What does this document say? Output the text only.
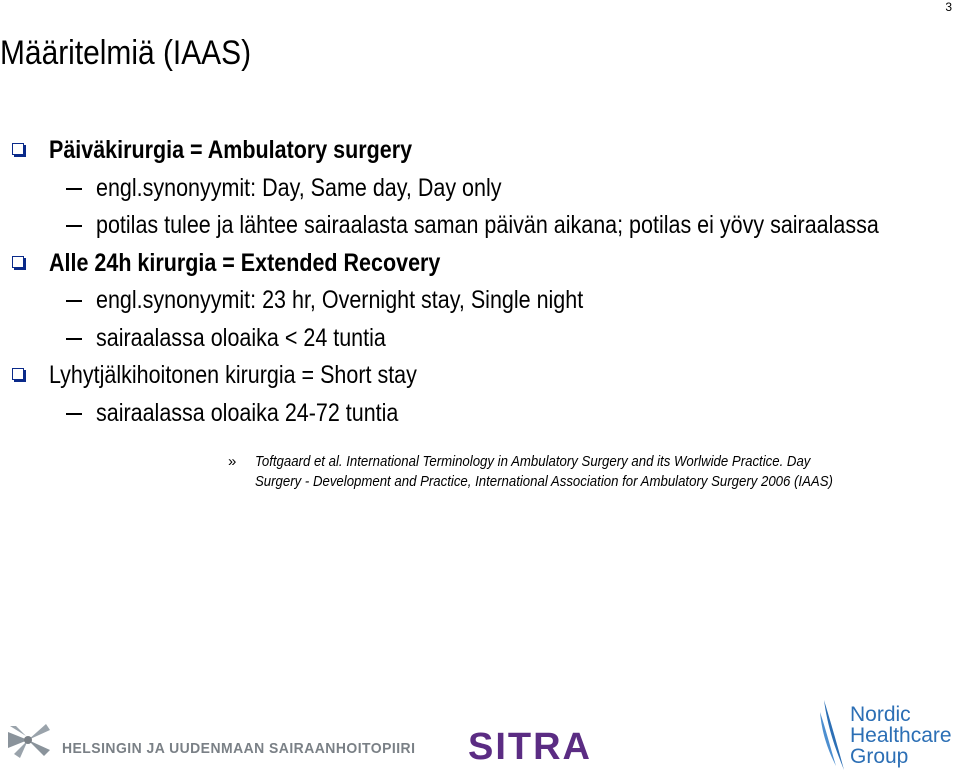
3
Määritelmiä (IAAS)
Päiväkirurgia = Ambulatory surgery
engl.synonyymit: Day, Same day, Day only
potilas tulee ja lähtee sairaalasta saman päivän aikana; potilas ei yövy sairaalassa
Alle 24h kirurgia = Extended Recovery
engl.synonyymit: 23 hr, Overnight stay, Single night
sairaalassa oloaika < 24 tuntia
Lyhytjälkihoitonen kirurgia = Short stay
sairaalassa oloaika 24-72 tuntia
» Toftgaard et al. International Terminology in Ambulatory Surgery and its Worlwide Practice. Day
Surgery - Development and Practice, International Association for Ambulatory Surgery 2006 (IAAS)
HELSINGIN JA UUDENMAAN SAIRAANHOITOPIIRI SITRA
Nordic
Healthcare
Group
